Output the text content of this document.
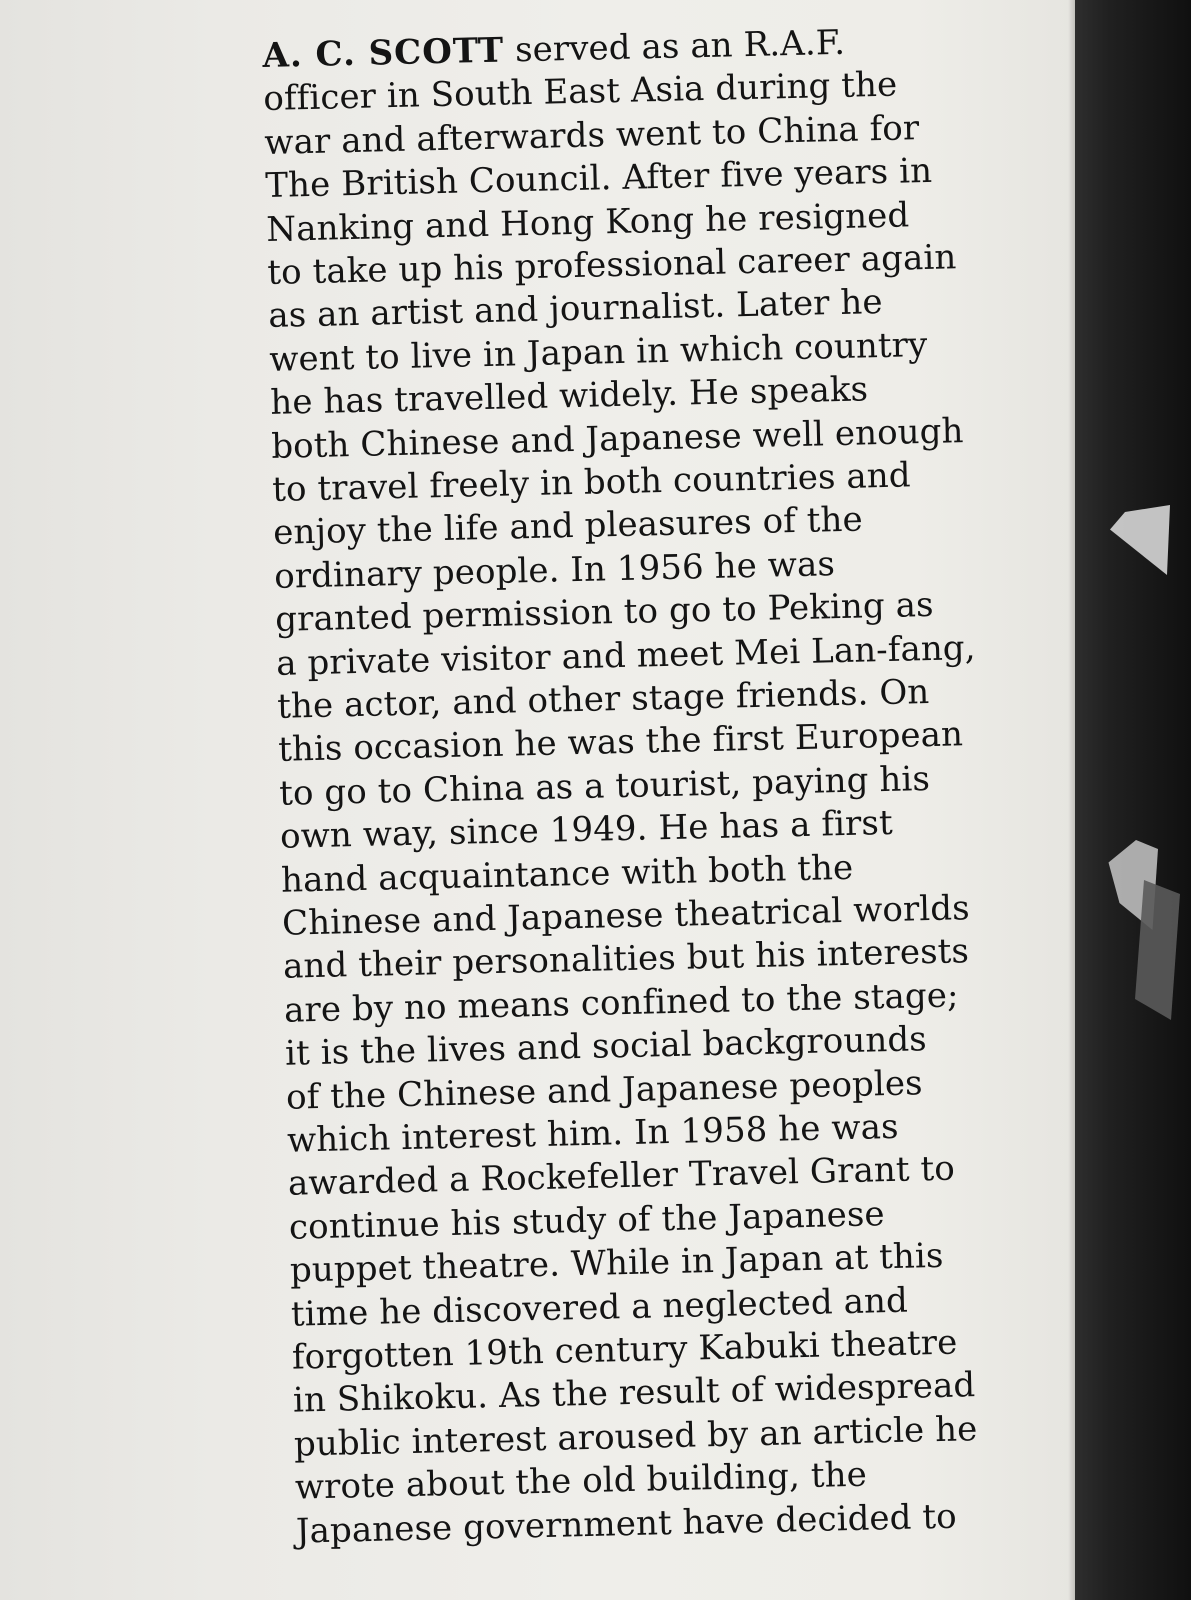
A. C. SCOTT served as an R.A.F.
officer in South East Asia during the
war and afterwards went to China for
The British Council. After five years in
Nanking and Hong Kong he resigned
to take up his professional career again
as an artist and journalist. Later he
went to live in Japan in which country
he has travelled widely. He speaks
both Chinese and Japanese well enough
to travel freely in both countries and
enjoy the life and pleasures of the
ordinary people. In 1956 he was
granted permission to go to Peking as
a private visitor and meet Mei Lan-fang,
the actor, and other stage friends. On
this occasion he was the first European
to go to China as a tourist, paying his
own way, since 1949. He has a first
hand acquaintance with both the
Chinese and Japanese theatrical worlds
and their personalities but his interests
are by no means confined to the stage;
it is the lives and social backgrounds
of the Chinese and Japanese peoples
which interest him. In 1958 he was
awarded a Rockefeller Travel Grant to
continue his study of the Japanese
puppet theatre. While in Japan at this
time he discovered a neglected and
forgotten 19th century Kabuki theatre
in Shikoku. As the result of widespread
public interest aroused by an article he
wrote about the old building, the
Japanese government have decided to
